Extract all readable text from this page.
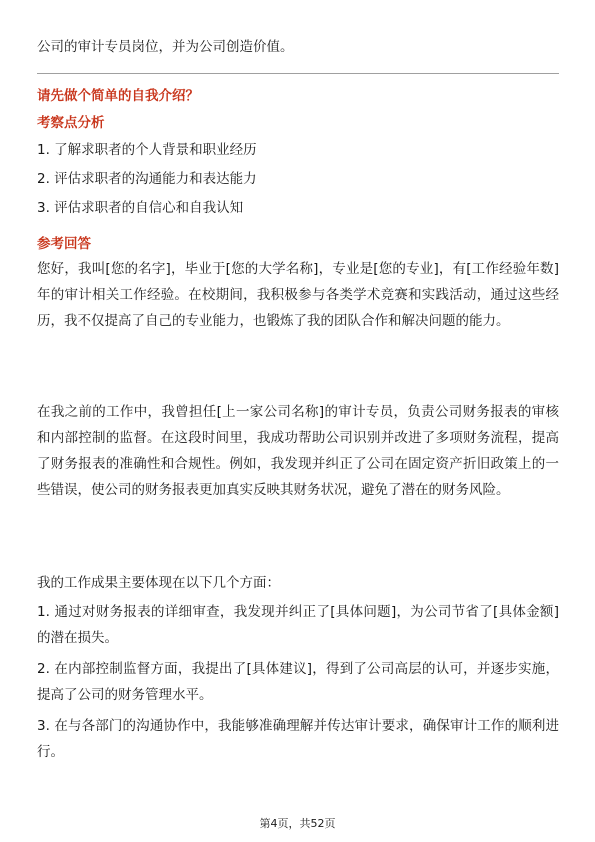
公司的审计专员岗位，并为公司创造价值。

请先做个简单的自我介绍？

考察点分析

1. 了解求职者的个人背景和职业经历

2. 评估求职者的沟通能力和表达能力

3. 评估求职者的自信心和自我认知

参考回答

您好，我叫[您的名字]，毕业于[您的大学名称]，专业是[您的专业]，有[工作经验年数]年的审计相关工作经验。在校期间，我积极参与各类学术竞赛和实践活动，通过这些经历，我不仅提高了自己的专业能力，也锻炼了我的团队合作和解决问题的能力。

在我之前的工作中，我曾担任[上一家公司名称]的审计专员，负责公司财务报表的审核和内部控制的监督。在这段时间里，我成功帮助公司识别并改进了多项财务流程，提高了财务报表的准确性和合规性。例如，我发现并纠正了公司在固定资产折旧政策上的一些错误，使公司的财务报表更加真实反映其财务状况，避免了潜在的财务风险。

我的工作成果主要体现在以下几个方面：

1. 通过对财务报表的详细审查，我发现并纠正了[具体问题]，为公司节省了[具体金额]的潜在损失。

2. 在内部控制监督方面，我提出了[具体建议]，得到了公司高层的认可，并逐步实施，提高了公司的财务管理水平。

3. 在与各部门的沟通协作中，我能够准确理解并传达审计要求，确保审计工作的顺利进行。

第4页，共52页
